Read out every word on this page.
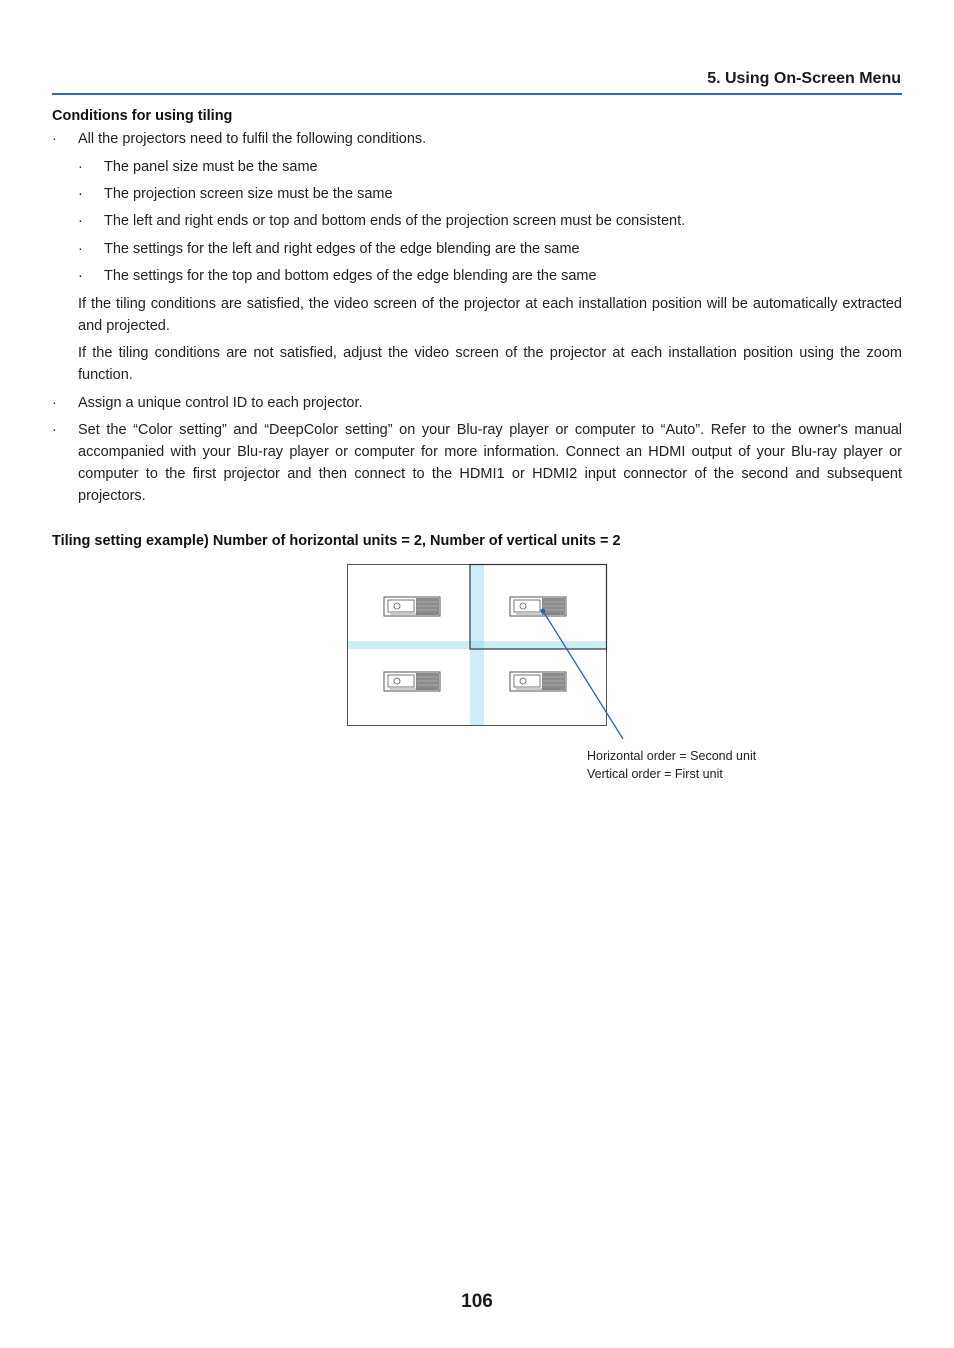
5. Using On-Screen Menu
Conditions for using tiling
· All the projectors need to fulfil the following conditions.
· The panel size must be the same
· The projection screen size must be the same
· The left and right ends or top and bottom ends of the projection screen must be consistent.
· The settings for the left and right edges of the edge blending are the same
· The settings for the top and bottom edges of the edge blending are the same
If the tiling conditions are satisfied, the video screen of the projector at each installation position will be automatically extracted and projected.
If the tiling conditions are not satisfied, adjust the video screen of the projector at each installation position using the zoom function.
· Assign a unique control ID to each projector.
· Set the “Color setting” and “DeepColor setting” on your Blu-ray player or computer to “Auto”. Refer to the owner's manual accompanied with your Blu-ray player or computer for more information. Connect an HDMI output of your Blu-ray player or computer to the first projector and then connect to the HDMI1 or HDMI2 input connector of the second and subsequent projectors.
Tiling setting example) Number of horizontal units = 2, Number of vertical units = 2
Horizontal order = Second unit
Vertical order = First unit
106
